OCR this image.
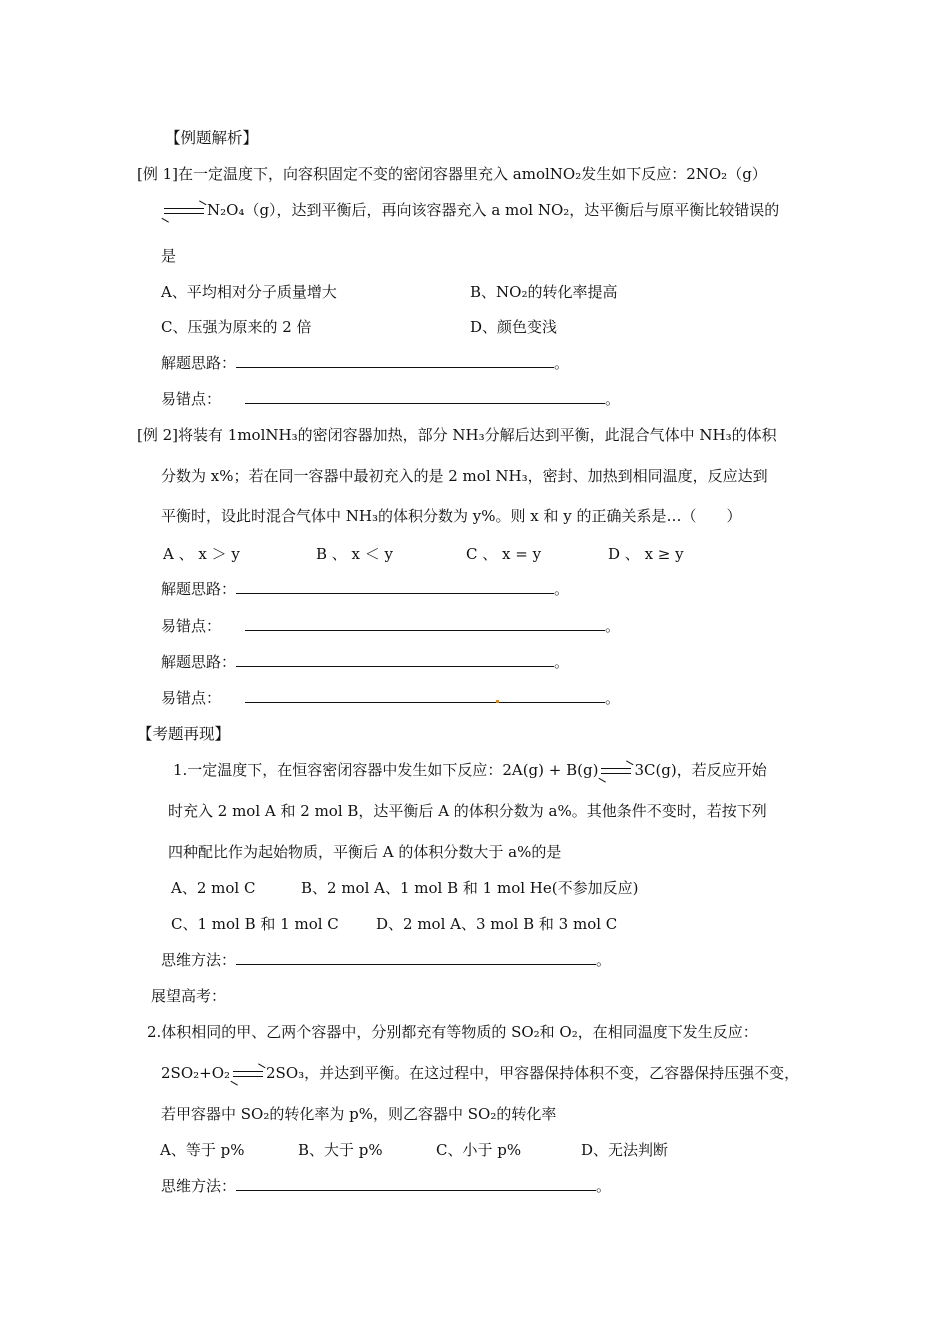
【例题解析】
[例 1]在一定温度下，向容积固定不变的密闭容器里充入 amolNO₂发生如下反应：2NO₂（g）
→N₂O₄（g），达到平衡后，再向该容器充入 a mol NO₂，达平衡后与原平衡比较错误的
是
A、平均相对分子质量增大	B、NO₂的转化率提高
C、压强为原来的 2 倍	D、颜色变浅
解题思路：	。
易错点：	。
[例 2]将装有 1molNH₃的密闭容器加热，部分 NH₃分解后达到平衡，此混合气体中 NH₃的体积
分数为 x%；若在同一容器中最初充入的是 2 mol NH₃，密封、加热到相同温度，反应达到
平衡时，设此时混合气体中 NH₃的体积分数为 y%。则 x 和 y 的正确关系是…（　　）
A 、 x ＞ y	B 、 x ＜ y	C 、 x = y	D 、 x ≥ y
解题思路：	。
易错点：	。
解题思路：	。
易错点：	。
【考题再现】
1.一定温度下，在恒容密闭容器中发生如下反应：2A(g) + B(g)→3C(g)，若反应开始
时充入 2 mol A 和 2 mol B，达平衡后 A 的体积分数为 a%。其他条件不变时，若按下列
四种配比作为起始物质，平衡后 A 的体积分数大于 a%的是
A、2 mol C	B、2 mol A、1 mol B 和 1 mol He(不参加反应)
C、1 mol B 和 1 mol C D、2 mol A、3 mol B 和 3 mol C
思维方法：	。
展望高考：
2.体积相同的甲、乙两个容器中，分别都充有等物质的 SO₂和 O₂，在相同温度下发生反应：
2SO₂+O₂→2SO₃，并达到平衡。在这过程中，甲容器保持体积不变，乙容器保持压强不变，
若甲容器中 SO₂的转化率为 p%，则乙容器中 SO₂的转化率
A、等于 p%	B、大于 p%	C、小于 p%	D、无法判断
思维方法：	。
